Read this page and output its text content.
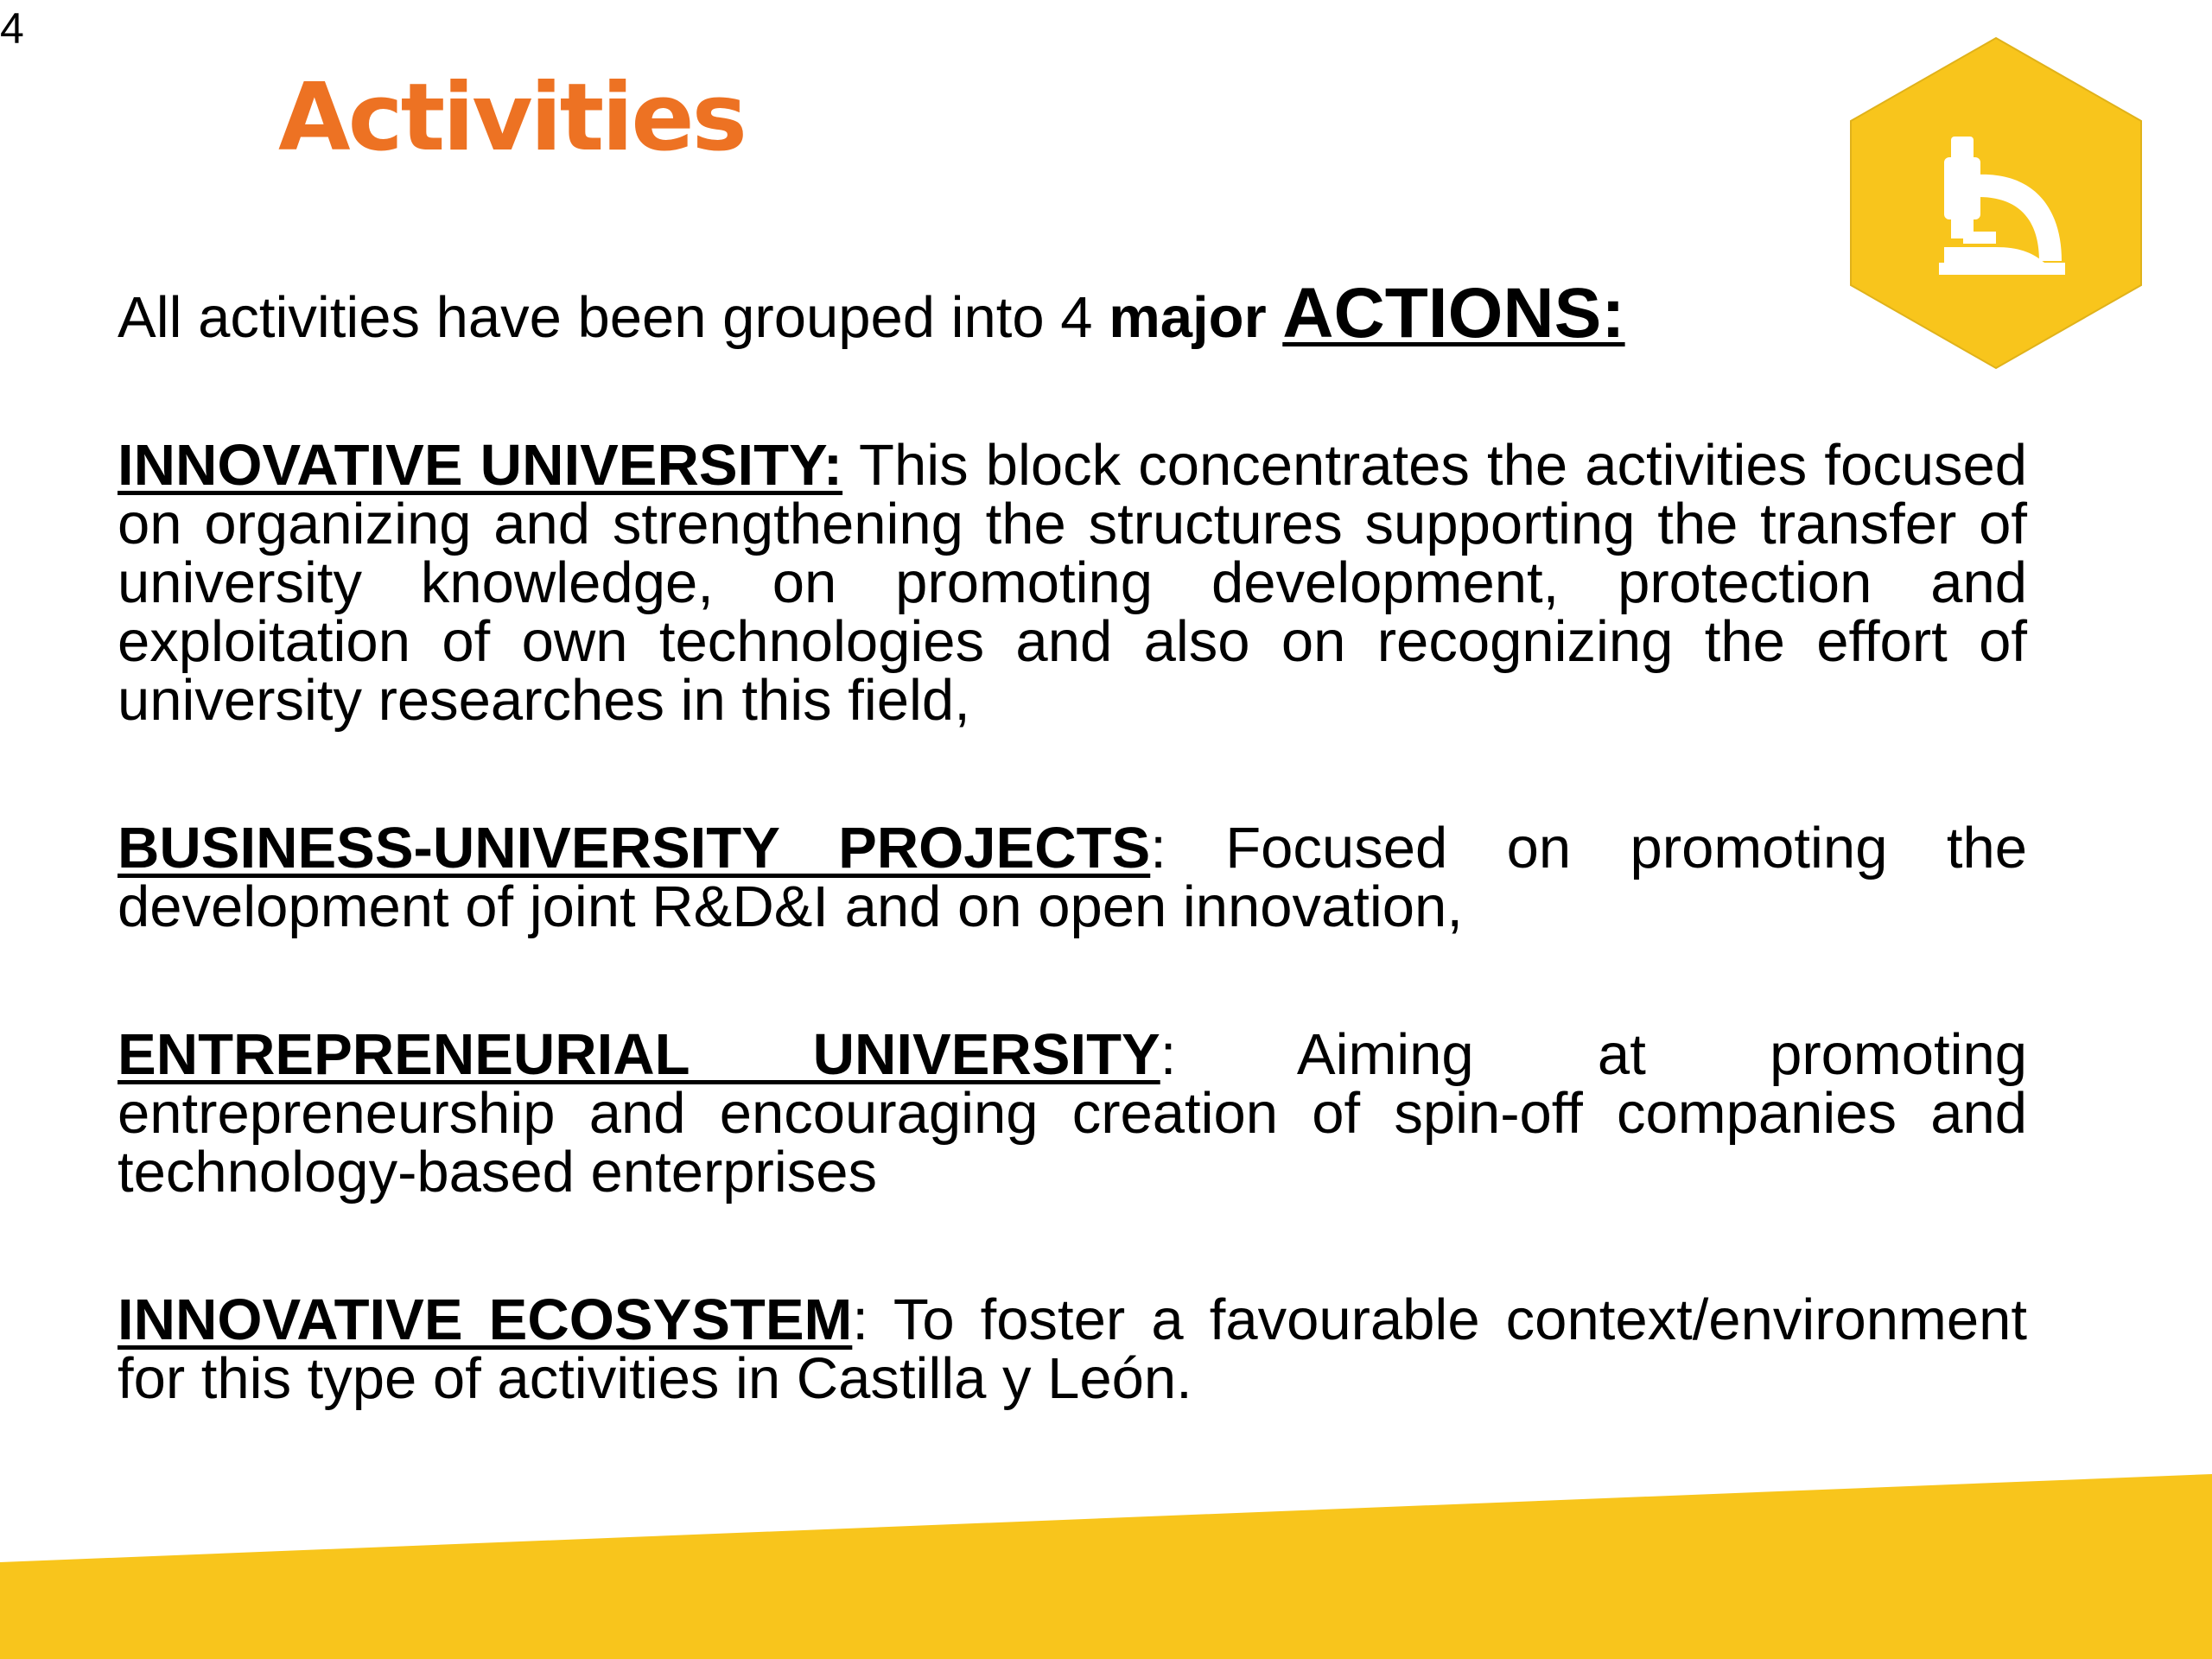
4
Activities
All activities have been grouped into 4 major ACTIONS:
INNOVATIVE UNIVERSITY: This block concentrates the activities focused on organizing and strengthening the structures supporting the transfer of university knowledge, on promoting development, protection and exploitation of own technologies and also on recognizing the effort of university researches in this field,
BUSINESS-UNIVERSITY PROJECTS: Focused on promoting the development of joint R&D&I and on open innovation,
ENTREPRENEURIAL UNIVERSITY: Aiming at promoting entrepreneurship and encouraging creation of spin-off companies and technology-based enterprises
INNOVATIVE ECOSYSTEM: To foster a favourable context/environment for this type of activities in Castilla y León.
